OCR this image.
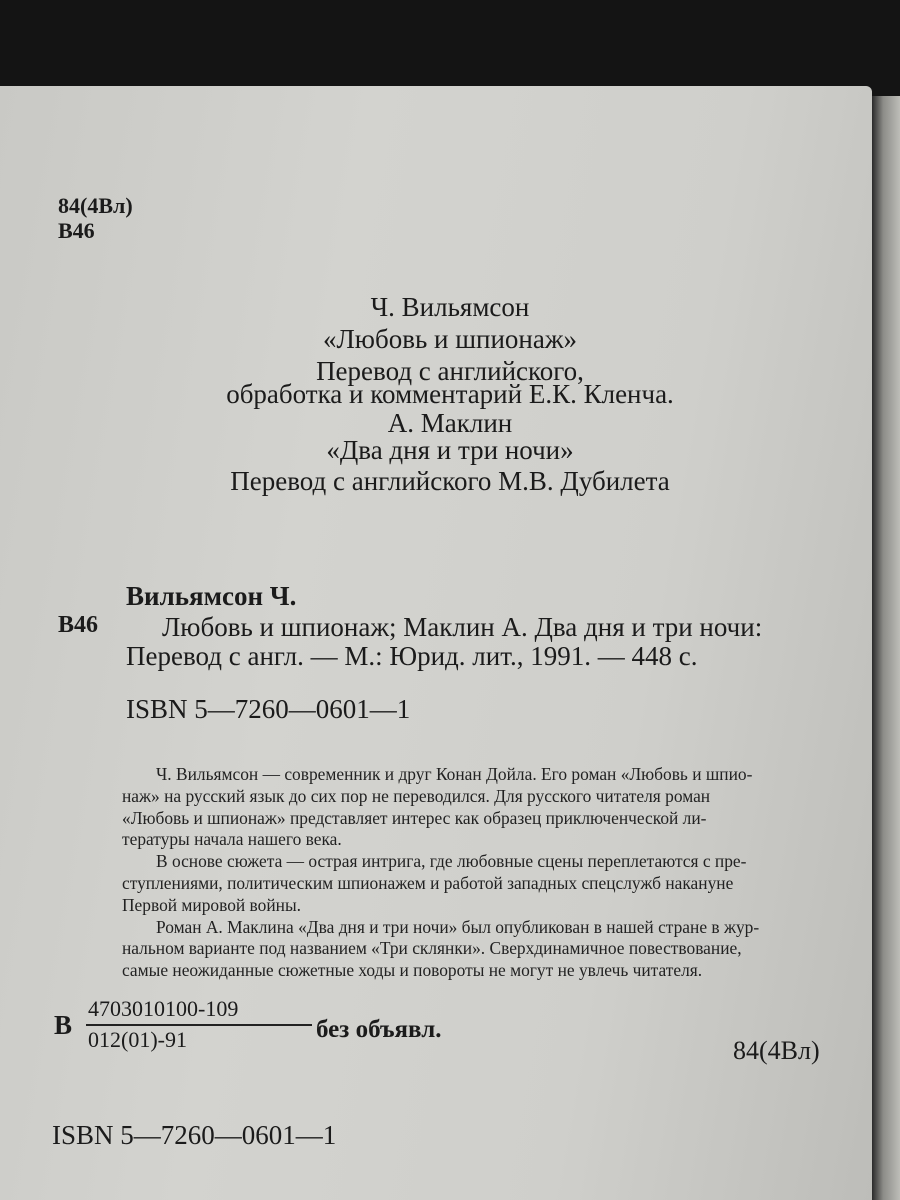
84(4Вл)
В46
Ч. Вильямсон
«Любовь и шпионаж»
Перевод с английского,
обработка и комментарий Е.К. Кленча.
А. Маклин
«Два дня и три ночи»
Перевод с английского М.В. Дубилета
Вильямсон Ч.
В46 Любовь и шпионаж; Маклин А. Два дня и три ночи:
Перевод с англ. — М.: Юрид. лит., 1991. — 448 с.
ISBN 5—7260—0601—1

Ч. Вильямсон — современник и друг Конан Дойла. Его роман «Любовь и шпио-

наж» на русский язык до сих пор не переводился. Для русского читателя роман

«Любовь и шпионаж» представляет интерес как образец приключенческой ли-

тературы начала нашего века.

В основе сюжета — острая интрига, где любовные сцены переплетаются с пре-

ступлениями, политическим шпионажем и работой западных спецслужб накануне

Первой мировой войны.

Роман А. Маклина «Два дня и три ночи» был опубликован в нашей стране в жур-

нальном варианте под названием «Три склянки». Сверхдинамичное повествование,

самые неожиданные сюжетные ходы и повороты не могут не увлечь читателя.

В
4703010100-109
012(01)-91	без объявл.
84(4Вл)
ISBN 5—7260—0601—1
